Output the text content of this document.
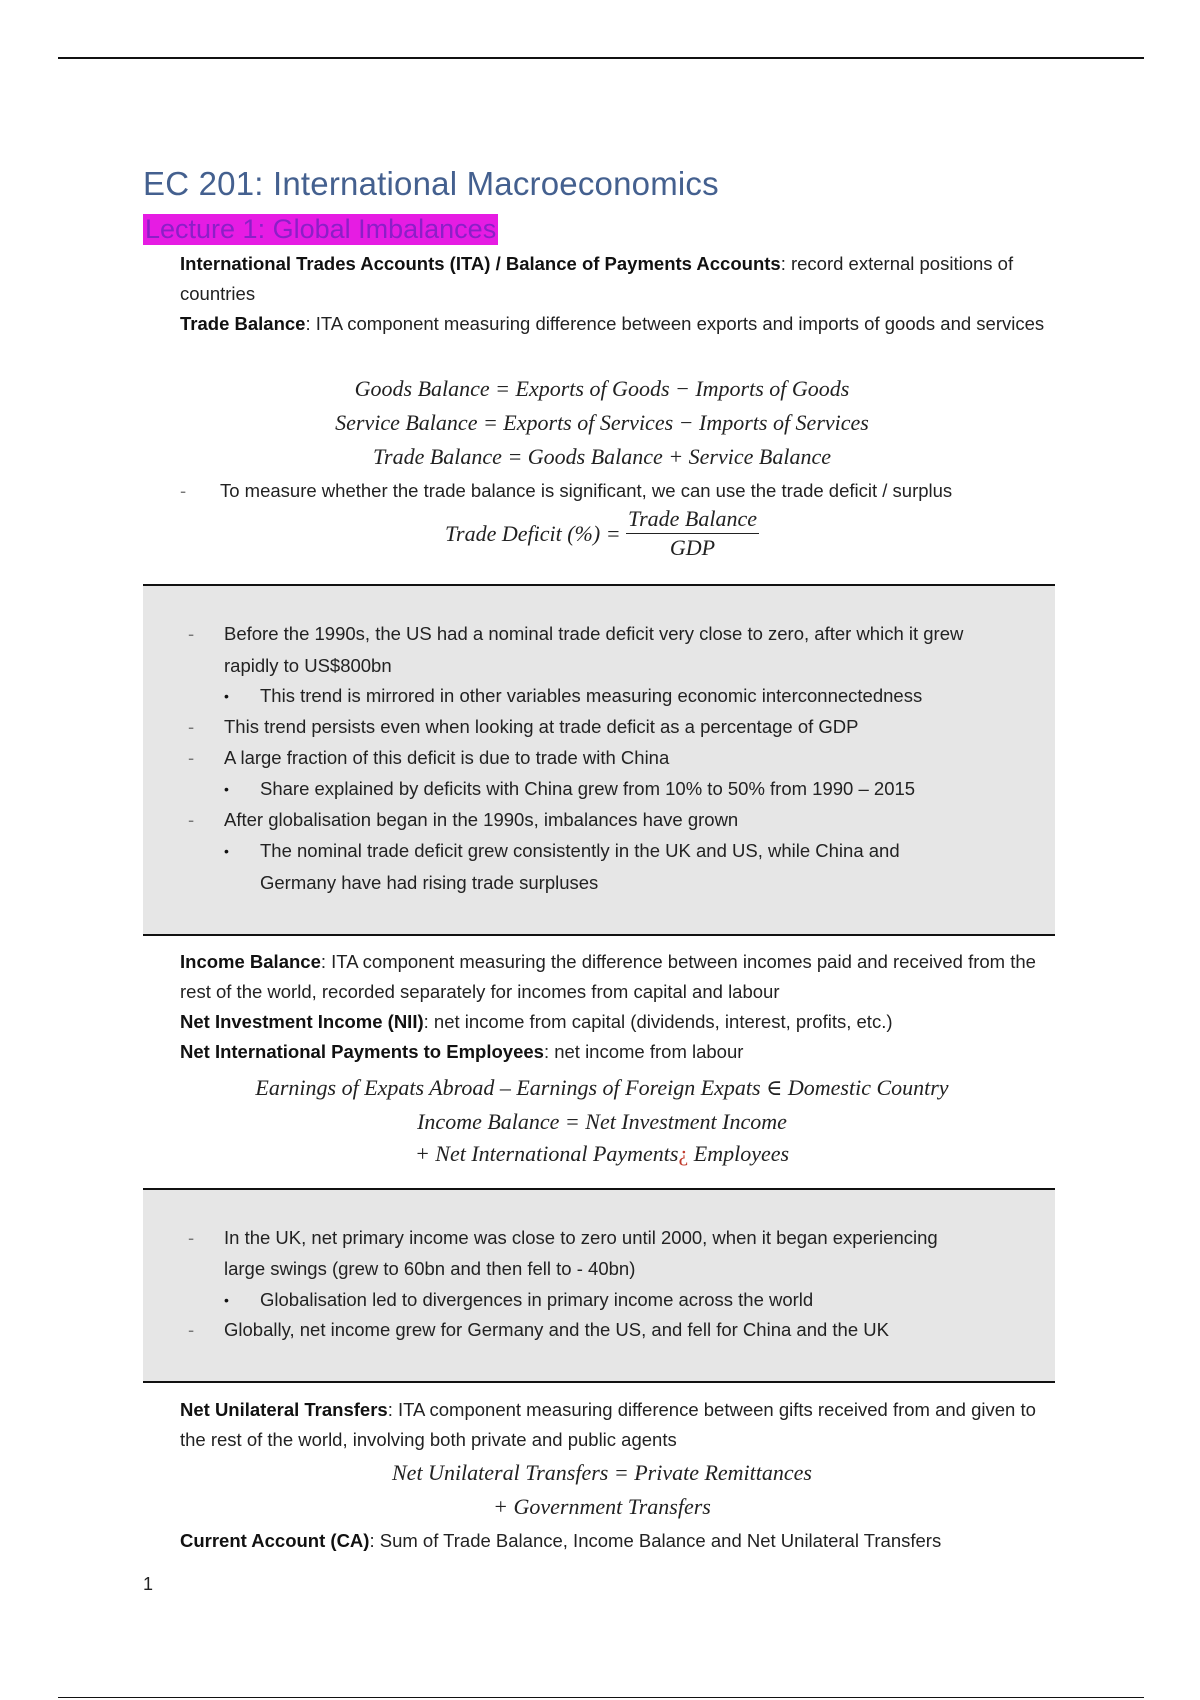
EC 201: International Macroeconomics
Lecture 1: Global Imbalances

International Trades Accounts (ITA) / Balance of Payments Accounts: record external positions of countries

Trade Balance: ITA component measuring difference between exports and imports of goods and services

Goods Balance = Exports of Goods − Imports of Goods
Service Balance = Exports of Services − Imports of Services
Trade Balance = Goods Balance + Service Balance
- To measure whether the trade balance is significant, we can use the trade deficit / surplus
Trade Deficit (%) = $\frac{\text{Trade Balance}}{\text{GDP}}$
- Before the 1990s, the US had a nominal trade deficit very close to zero, after which it grew
rapidly to US$800bn
• This trend is mirrored in other variables measuring economic interconnectedness
- This trend persists even when looking at trade deficit as a percentage of GDP
- A large fraction of this deficit is due to trade with China
• Share explained by deficits with China grew from 10% to 50% from 1990 – 2015
- After globalisation began in the 1990s, imbalances have grown
• The nominal trade deficit grew consistently in the UK and US, while China and
Germany have had rising trade surpluses

Income Balance: ITA component measuring the difference between incomes paid and received from the rest of the world, recorded separately for incomes from capital and labour

Net Investment Income (NII): net income from capital (dividends, interest, profits, etc.)

Net International Payments to Employees: net income from labour

Earnings of Expats Abroad – Earnings of Foreign Expats ∈ Domestic Country
Income Balance = Net Investment Income
+ Net International Payments¿ Employees
- In the UK, net primary income was close to zero until 2000, when it began experiencing
large swings (grew to 60bn and then fell to - 40bn)
• Globalisation led to divergences in primary income across the world
- Globally, net income grew for Germany and the US, and fell for China and the UK

Net Unilateral Transfers: ITA component measuring difference between gifts received from and given to the rest of the world, involving both private and public agents

Net Unilateral Transfers = Private Remittances
+ Government Transfers

Current Account (CA): Sum of Trade Balance, Income Balance and Net Unilateral Transfers

1
